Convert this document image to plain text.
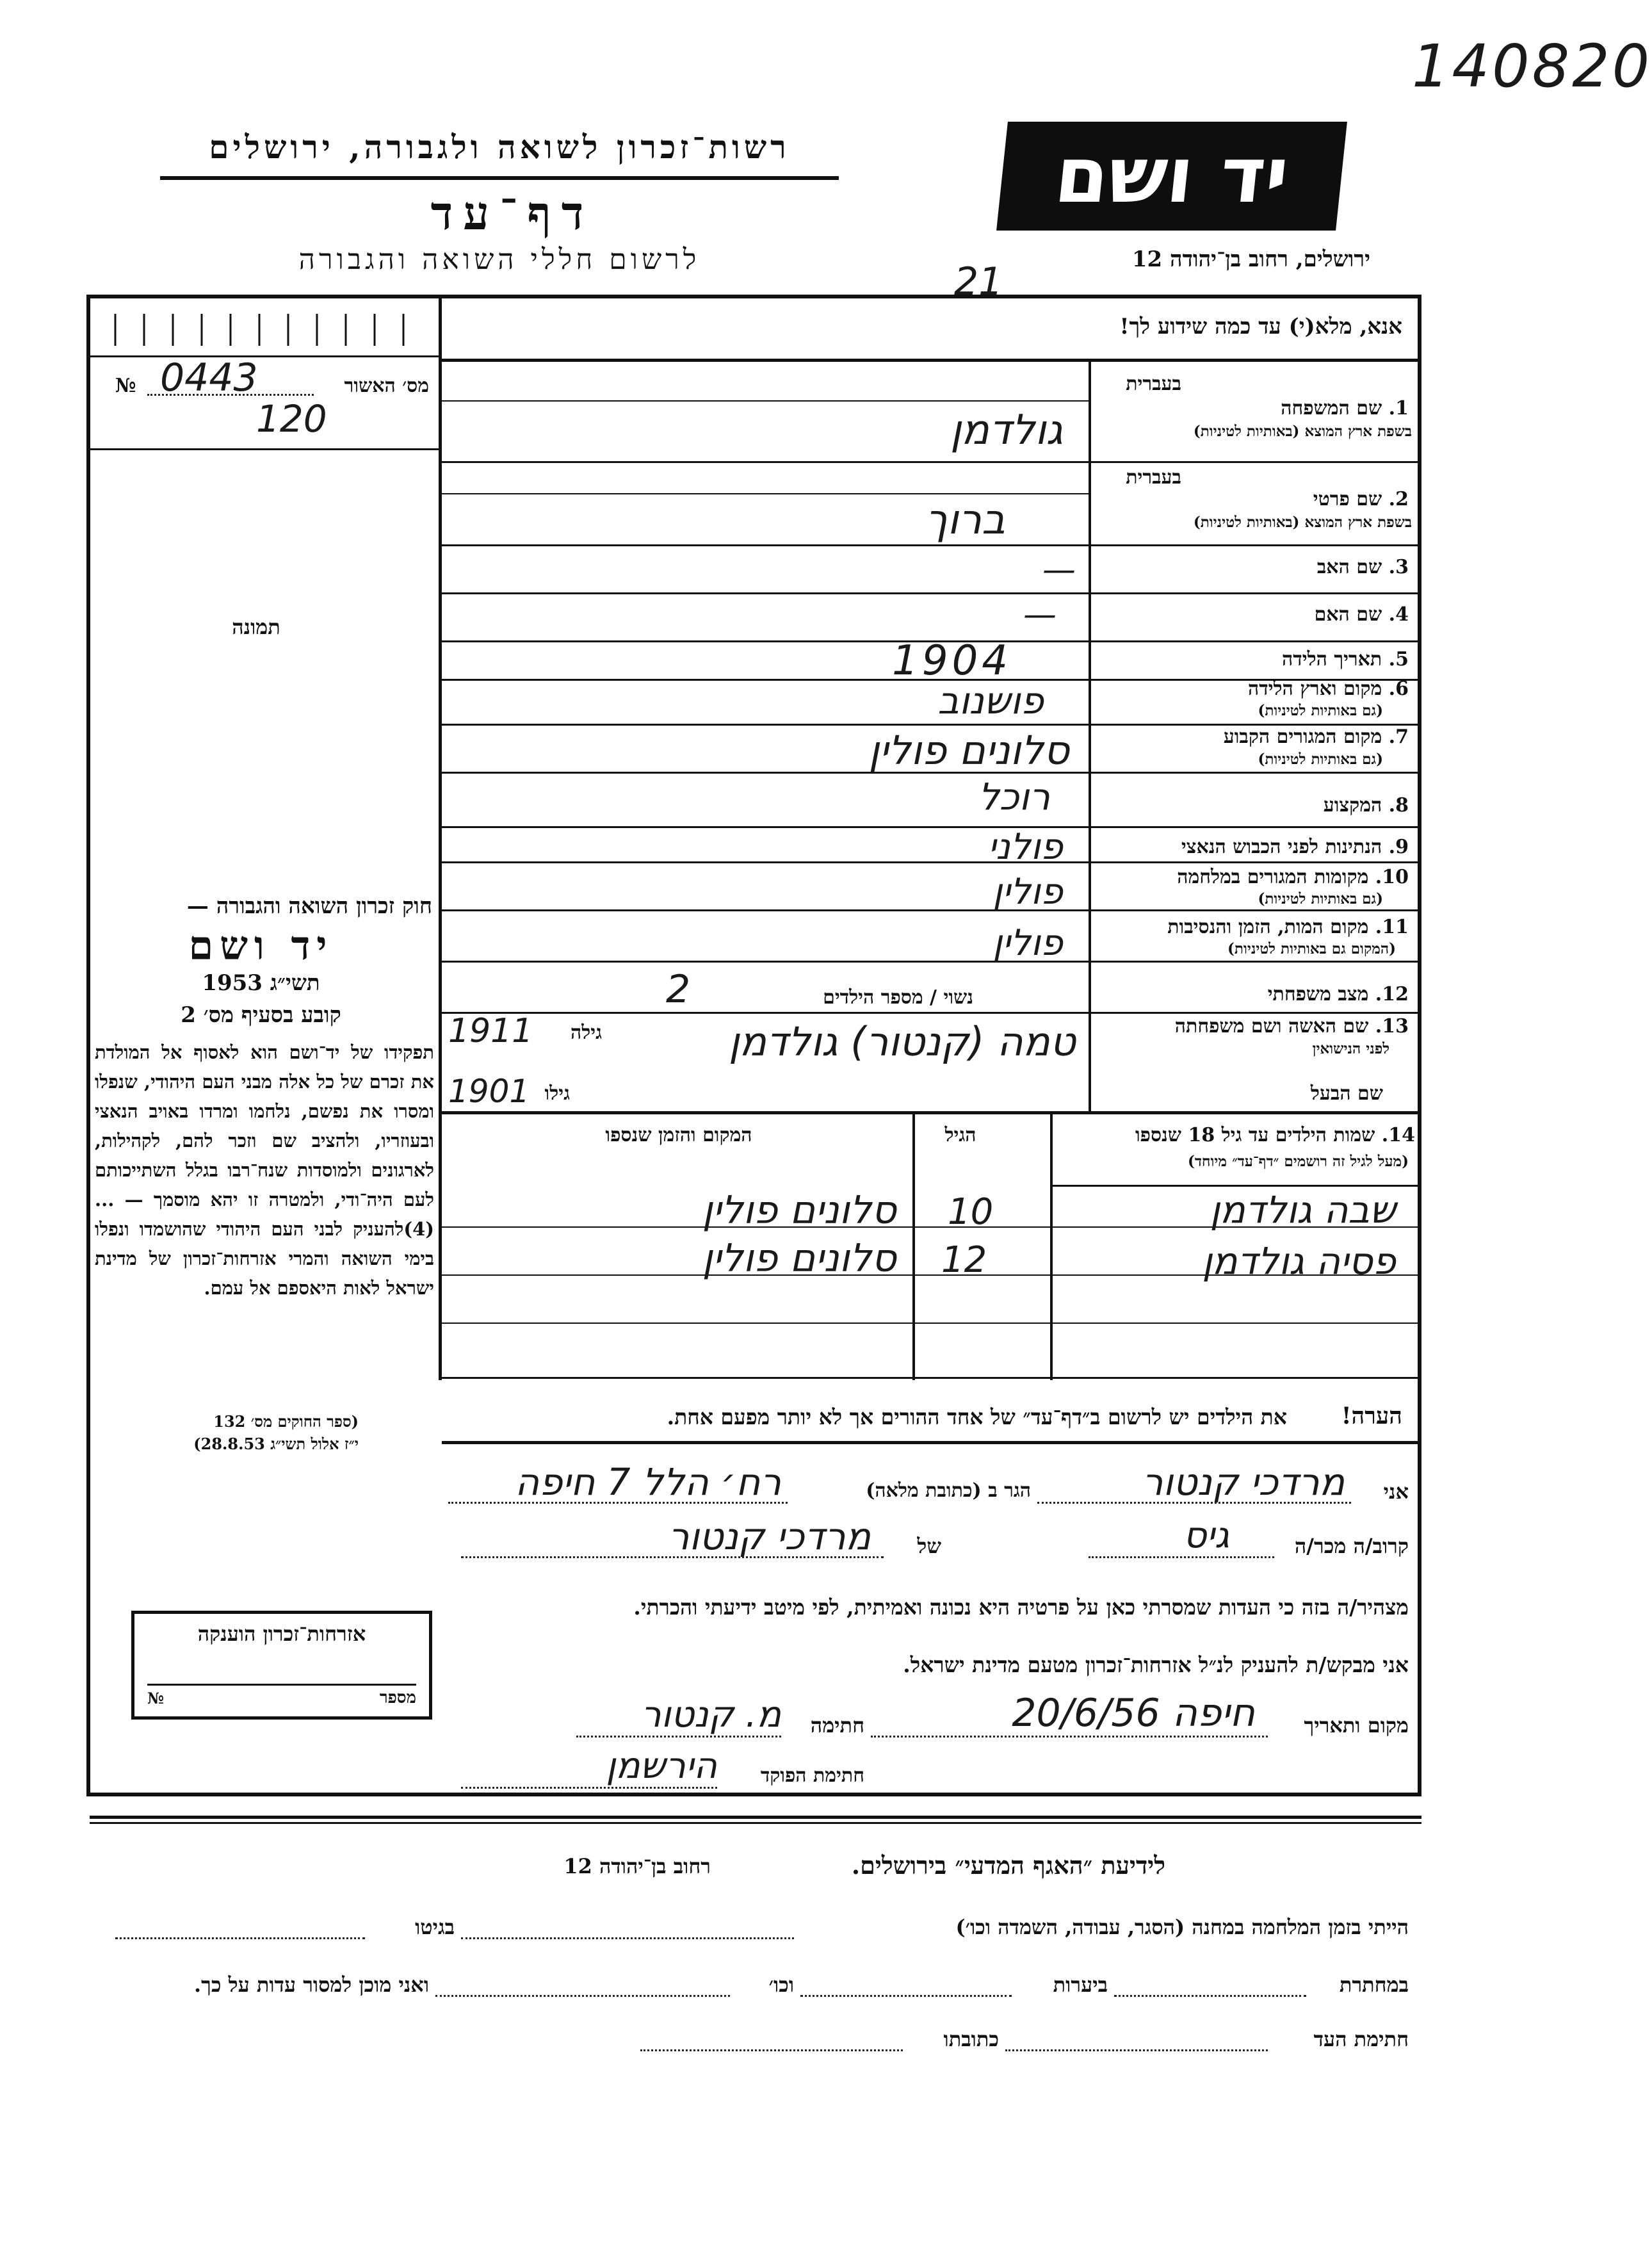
140820
רשות־זכרון לשואה ולגבורה, ירושלים
דף־עד
לרשום חללי השואה והגבורה
יד ושם
ירושלים, רחוב בן־יהודה 12
21
אנא, מלא(י) עד כמה שידוע לך!
№ 0443	מס׳ האשור
120
תמונה
חוק זכרון השואה והגבורה —
יד ושם
תשי״ג 1953
קובע בסעיף מס׳ 2
תפקידו של יד־ושם הוא לאסוף אל המולדת את זכרם של כל אלה מבני העם היהודי, שנפלו ומסרו את נפשם, נלחמו ומרדו באויב הנאצי ובעוזריו, ולהציב שם וזכר להם, לקהילות, לארגונים ולמוסדות שנח־רבו בגלל השתייכותם לעם היה־ודי, ולמטרה זו יהא מוסמך — ...(4)להעניק לבני העם היהודי שהושמדו ונפלו בימי השואה והמרי אזרחות־זכרון של מדינת ישראל לאות היאספם אל עמם.
(ספר החוקים מס׳ 132
י״ז אלול תשי״ג 28.8.53)
בעברית
1. שם המשפחה
בשפת ארץ המוצא (באותיות לטיניות)
בעברית
2. שם פרטי
בשפת ארץ המוצא (באותיות לטיניות)
3. שם האב
4. שם האם
5. תאריך הלידה
6. מקום וארץ הלידה
(גם באותיות לטיניות)
7. מקום המגורים הקבוע
(גם באותיות לטיניות)
8. המקצוע
9. הנתינות לפני הכבוש הנאצי
10. מקומות המגורים במלחמה
(גם באותיות לטיניות)
11. מקום המות, הזמן והנסיבות
(המקום גם באותיות לטיניות)
12. מצב משפחתי
13. שם האשה ושם משפחתה
לפני הנישואין
שם הבעל
גולדמן
ברוך
—
—
1904
פושנוב
סלונים פולין
רוכל
פולני
פולין
פולין
נשוי / מספר הילדים
2
גילה
1911	טמה (קנטור) גולדמן
גילו
1901
14. שמות הילדים עד גיל 18 שנספו
(מעל לגיל זה רושמים ״דף־עד״ מיוחד)
הגיל
המקום והזמן שנספו
שבה גולדמן
10
סלונים פולין
פסיה גולדמן
12
סלונים פולין
הערה!
את הילדים יש לרשום ב״דף־עד״ של אחד ההורים אך לא יותר מפעם אחת.
אני
מרדכי קנטור
הגר ב (כתובת מלאה)
רח׳ הלל 7 חיפה
קרוב/ה מכר/ה
גיס
של
מרדכי קנטור
מצהיר/ה בזה כי העדות שמסרתי כאן על פרטיה היא נכונה ואמיתית, לפי מיטב ידיעתי והכרתי.
אני מבקש/ת להעניק לנ״ל אזרחות־זכרון מטעם מדינת ישראל.
מקום ותאריך
חיפה 20/6/56
חתימה
מ. קנטור
חתימת הפוקד
הירשמן
אזרחות־זכרון הוענקה
מספר
№
לידיעת ״האגף המדעי״ בירושלים.
רחוב בן־יהודה 12
הייתי בזמן המלחמה במחנה (הסגר, עבודה, השמדה וכו׳)
בגיטו
במחתרת
ביערות
וכו׳
ואני מוכן למסור עדות על כך.
חתימת העד
כתובתו
